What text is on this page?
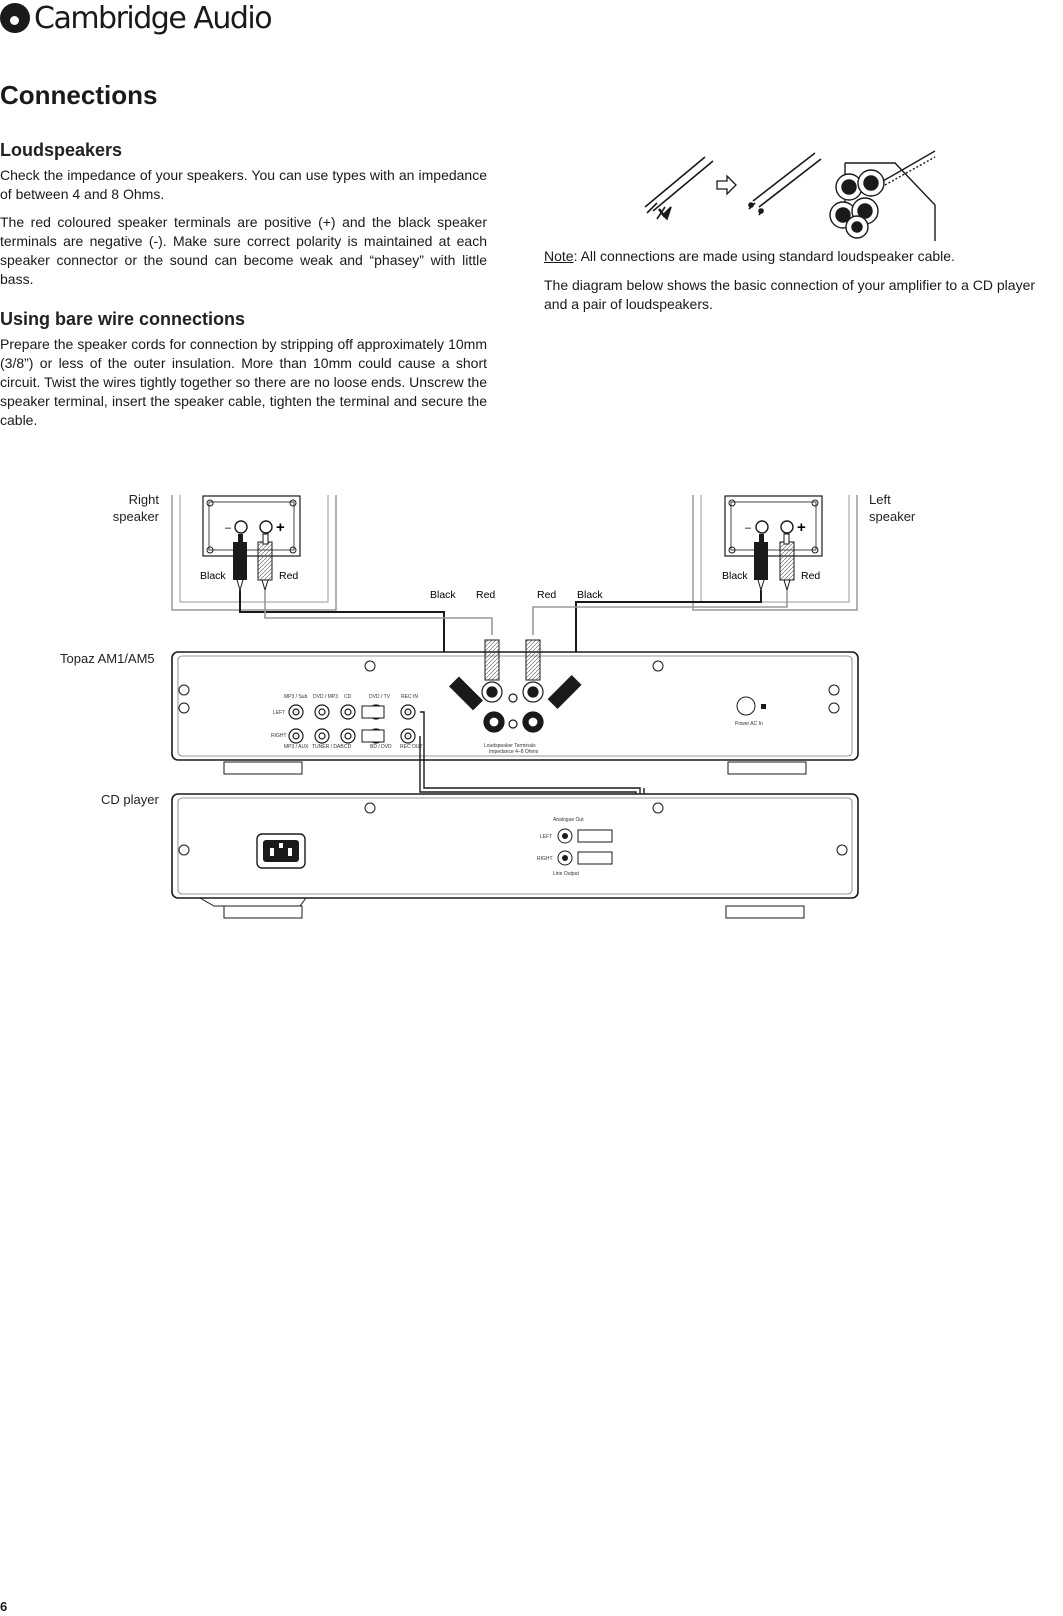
Cambridge Audio
Connections
Loudspeakers

Check the impedance of your speakers. You can use types with an impedance of between 4 and 8 Ohms.

The red coloured speaker terminals are positive (+) and the black speaker terminals are negative (-). Make sure correct polarity is maintained at each speaker connector or the sound can become weak and “phasey” with little bass.

Using bare wire connections

Prepare the speaker cords for connection by stripping off approximately 10mm (3/8”) or less of the outer insulation. More than 10mm could cause a short circuit. Twist the wires tightly together so there are no loose ends. Unscrew the speaker terminal, insert the speaker cable, tighten the terminal and secure the cable.

Note: All connections are made using standard loudspeaker cable.

The diagram below shows the basic connection of your amplifier to a CD player and a pair of loudspeakers.

–	+
Black	Red
–	+
Black	Red
Black Red	Red Black
MP3 / Sub DVD / MP3 CD	DVD / TV REC IN
LEFT
RIGHT
MP3 / AUX TUNER / DAB CD	BD / DVD REC OUT	Loudspeaker Terminals
Impedance 4–8 Ohms
Power AC In
Analogue Out
LEFT
RIGHT
Line Output
Right
speaker
Left
speaker
Topaz AM1/AM5
CD player
6
